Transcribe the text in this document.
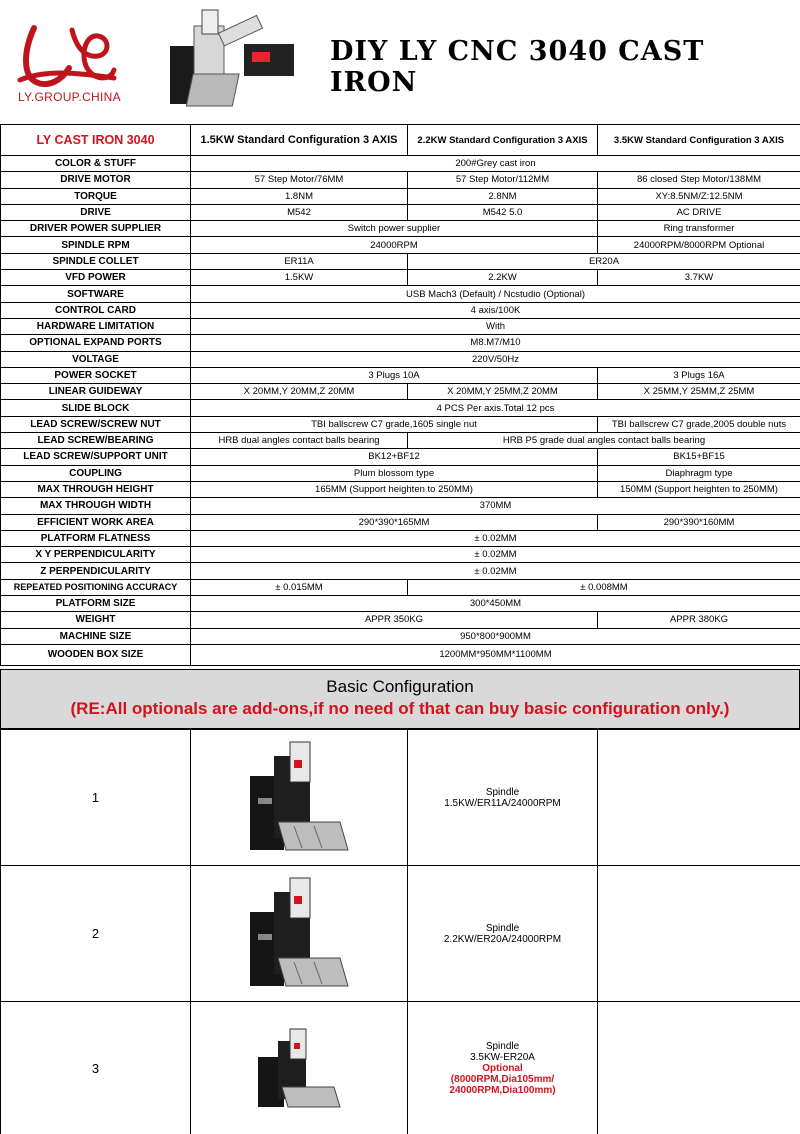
LY.GROUP.CHINA
DIY LY CNC 3040 CAST IRON
LY CAST IRON 3040	1.5KW Standard Configuration 3 AXIS	2.2KW Standard Configuration 3 AXIS	3.5KW Standard Configuration 3 AXIS
COLOR & STUFF	200#Grey cast iron		
DRIVE MOTOR	57 Step Motor/76MM	57 Step Motor/112MM	86 closed Step Motor/138MM
TORQUE	1.8NM	2.8NM	XY:8.5NM/Z:12.5NM
DRIVE	M542	M542 5.0	AC DRIVE
DRIVER POWER SUPPLIER	Switch power supplier		Ring transformer
SPINDLE RPM	24000RPM		24000RPM/8000RPM Optional
SPINDLE COLLET	ER11A	ER20A	
VFD POWER	1.5KW	2.2KW	3.7KW
SOFTWARE	USB Mach3 (Default) / Ncstudio (Optional)		
CONTROL CARD	4 axis/100K		
HARDWARE LIMITATION	With		
OPTIONAL EXPAND PORTS	M8.M7/M10		
VOLTAGE	220V/50Hz		
POWER SOCKET	3 Plugs 10A		3 Plugs 16A
LINEAR GUIDEWAY	X 20MM,Y 20MM,Z 20MM	X 20MM,Y 25MM,Z 20MM	X 25MM,Y 25MM,Z 25MM
SLIDE BLOCK	4 PCS Per axis.Total 12 pcs		
LEAD SCREW/SCREW NUT	TBI ballscrew C7 grade,1605 single nut		TBI ballscrew C7 grade,2005 double nuts
LEAD SCREW/BEARING	HRB dual angles contact balls bearing	HRB P5 grade dual angles contact balls bearing	
LEAD SCREW/SUPPORT UNIT	BK12+BF12		BK15+BF15
COUPLING	Plum blossom type		Diaphragm type
MAX THROUGH HEIGHT	165MM (Support heighten to 250MM)		150MM (Support heighten to 250MM)
MAX THROUGH WIDTH	370MM		
EFFICIENT WORK AREA	290*390*165MM		290*390*160MM
PLATFORM FLATNESS	± 0.02MM		
X Y PERPENDICULARITY	± 0.02MM		
Z PERPENDICULARITY	± 0.02MM		
REPEATED POSITIONING ACCURACY	± 0.015MM	± 0.008MM	
PLATFORM SIZE	300*450MM		
WEIGHT	APPR 350KG		APPR 380KG
MACHINE SIZE	950*800*900MM		
WOODEN BOX SIZE	1200MM*950MM*1100MM		
Basic Configuration
(RE:All optionals are add-ons,if no need of that can buy basic configuration only.)
1		Spindle
1.5KW/ER11A/24000RPM	

2		Spindle
2.2KW/ER20A/24000RPM	

3		Spindle
3.5KW-ER20A
Optional
(8000RPM,Dia105mm/
24000RPM,Dia100mm)	
